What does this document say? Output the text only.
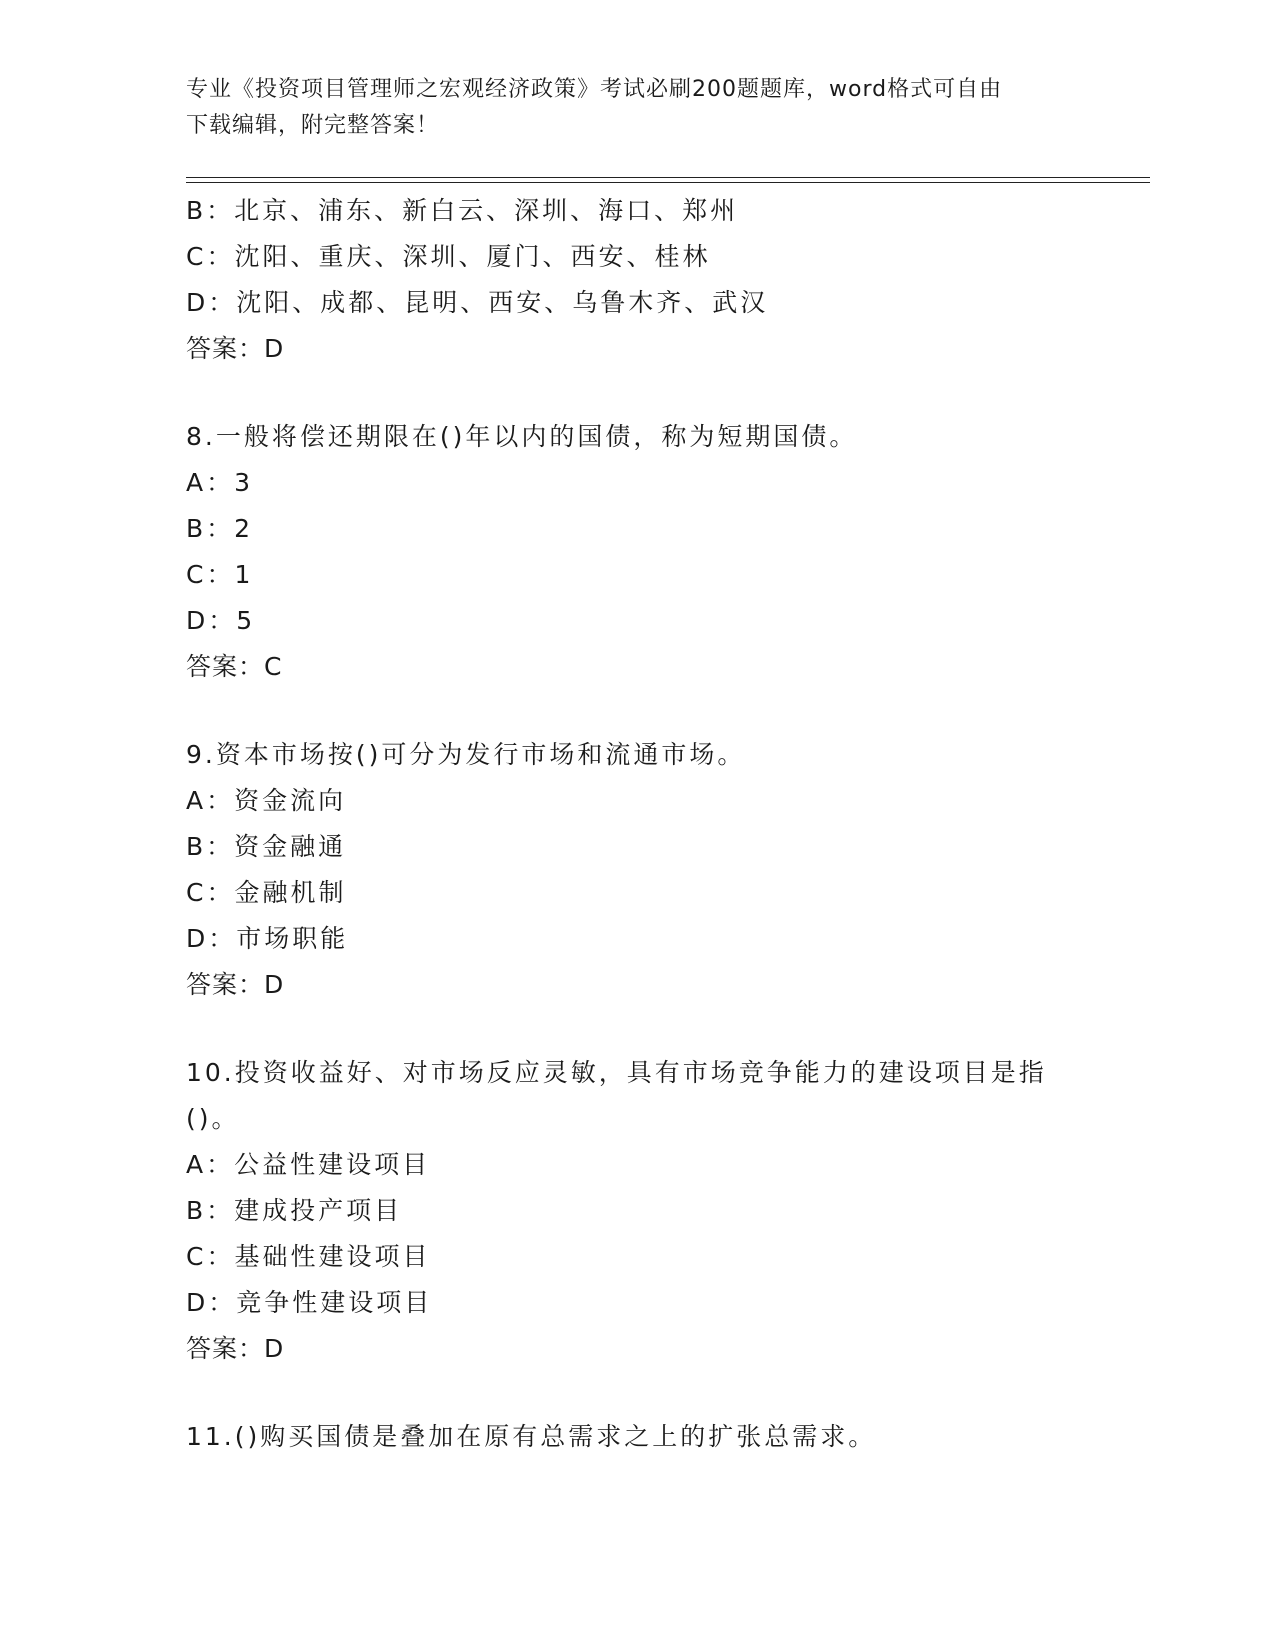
专业《投资项目管理师之宏观经济政策》考试必刷200题题库，word格式可自由
下载编辑，附完整答案！
B：北京、浦东、新白云、深圳、海口、郑州
C：沈阳、重庆、深圳、厦门、西安、桂林
D：沈阳、成都、昆明、西安、乌鲁木齐、武汉
答案：D
8.一般将偿还期限在()年以内的国债，称为短期国债。
A：3
B：2
C：1
D：5
答案：C
9.资本市场按()可分为发行市场和流通市场。
A：资金流向
B：资金融通
C：金融机制
D：市场职能
答案：D
10.投资收益好、对市场反应灵敏，具有市场竞争能力的建设项目是指
()。
A：公益性建设项目
B：建成投产项目
C：基础性建设项目
D：竞争性建设项目
答案：D
11.()购买国债是叠加在原有总需求之上的扩张总需求。
